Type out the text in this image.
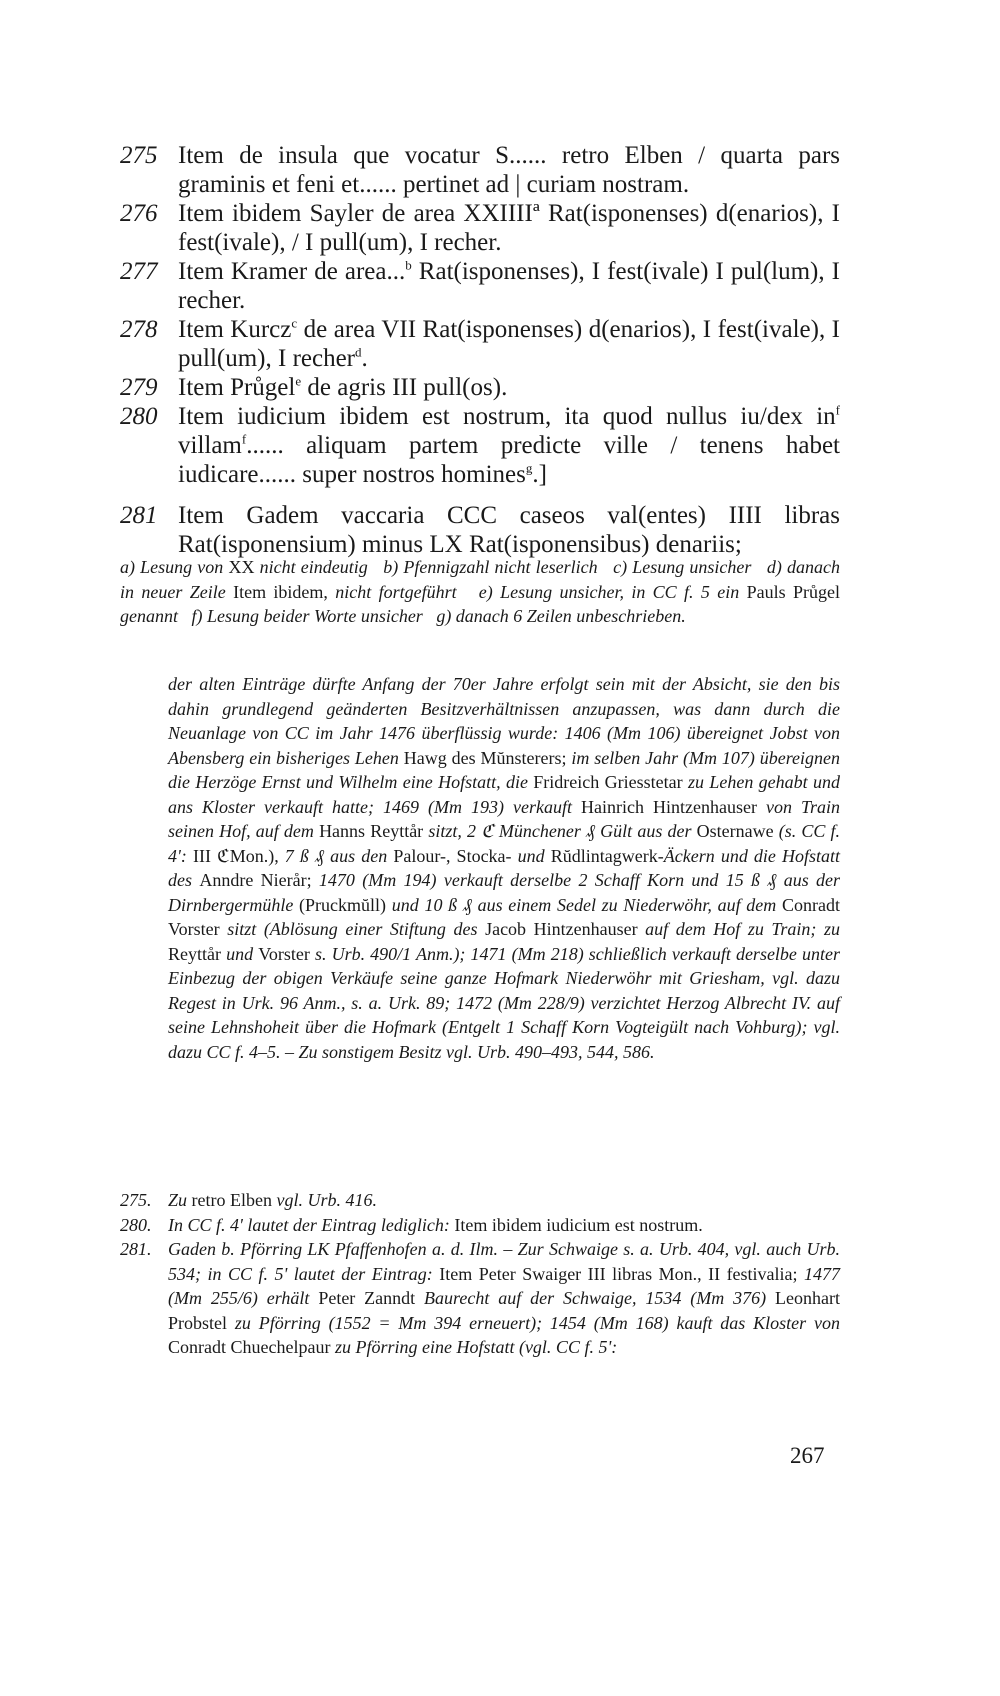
275 Item de insula que vocatur S...... retro Elben / quarta pars graminis et feni et...... pertinet ad | curiam nostram.
276 Item ibidem Sayler de area XXIIIIª Rat(isponenses) d(enarios), I fest(ivale), / I pull(um), I recher.
277 Item Kramer de area...$^b$ Rat(isponenses), I fest(ivale) I pul(lum), I recher.
278 Item Kurcz$^c$ de area VII Rat(isponenses) d(enarios), I fest(ivale), I pull(um), I recher$^d$.
279 Item Průgel$^e$ de agris III pull(os).
280 Item iudicium ibidem est nostrum, ita quod nullus iu/dex $in^f$ villam$^f$...... aliquam partem predicte ville / tenens habet iudicare...... super nostros homines$^g$.]
281 Item Gadem vaccaria CCC caseos val(entes) IIII libras Rat(isponensium) minus LX Rat(isponensibus) denariis;
a) Lesung von XX nicht eindeutig b) Pfennigzahl nicht leserlich c) Lesung unsicher d) danach in neuer Zeile Item ibidem, nicht fortgeführt e) Lesung unsicher, in CC f. 5 ein Pauls Průgel genannt f) Lesung beider Worte unsicher g) danach 6 Zeilen unbeschrieben.
der alten Einträge dürfte Anfang der 70er Jahre erfolgt sein mit der Absicht, sie den bis dahin grundlegend geänderten Besitzverhältnissen anzupassen, was dann durch die Neuanlage von CC im Jahr 1476 überflüssig wurde: 1406 (Mm 106) übereignet Jobst von Abensberg ein bisheriges Lehen Hawg des Mŭnsterers; im selben Jahr (Mm 107) übereignen die Herzöge Ernst und Wilhelm eine Hofstatt, die Fridreich Griesstetar zu Lehen gehabt und ans Kloster verkauft hatte; 1469 (Mm 193) verkauft Hainrich Hintzenhauser von Train seinen Hof, auf dem Hanns Reyttår sitzt, 2 ℭ Münchener ₰ Gült aus der Osternawe (s. CC f. 4': III ℭMon.), 7 ß ₰ aus den Palour-, Stocka- und Rŭdlintagwerk-Äckern und die Hofstatt des Anndre Nierår; 1470 (Mm 194) verkauft derselbe 2 Schaff Korn und 15 ß ₰ aus der Dirnbergermühle (Pruckmŭll) und 10 ß ₰ aus einem Sedel zu Niederwöhr, auf dem Conradt Vorster sitzt (Ablösung einer Stiftung des Jacob Hintzenhauser auf dem Hof zu Train; zu Reyttår und Vorster s. Urb. 490/1 Anm.); 1471 (Mm 218) schließlich verkauft derselbe unter Einbezug der obigen Verkäufe seine ganze Hofmark Niederwöhr mit Griesham, vgl. dazu Regest in Urk. 96 Anm., s. a. Urk. 89; 1472 (Mm 228/9) verzichtet Herzog Albrecht IV. auf seine Lehnshoheit über die Hofmark (Entgelt 1 Schaff Korn Vogteigült nach Vohburg); vgl. dazu CC f. 4–5. – Zu sonstigem Besitz vgl. Urb. 490–493, 544, 586.
275. Zu retro Elben vgl. Urb. 416.
280. In CC f. 4' lautet der Eintrag lediglich: Item ibidem iudicium est nostrum.
281. Gaden b. Pförring LK Pfaffenhofen a. d. Ilm. – Zur Schwaige s. a. Urb. 404, vgl. auch Urb. 534; in CC f. 5' lautet der Eintrag: Item Peter Swaiger III libras Mon., II festivalia; 1477 (Mm 255/6) erhält Peter Zanndt Baurecht auf der Schwaige, 1534 (Mm 376) Leonhart Probstel zu Pförring (1552 = Mm 394 erneuert); 1454 (Mm 168) kauft das Kloster von Conradt Chuechelpaur zu Pförring eine Hofstatt (vgl. CC f. 5':
267
